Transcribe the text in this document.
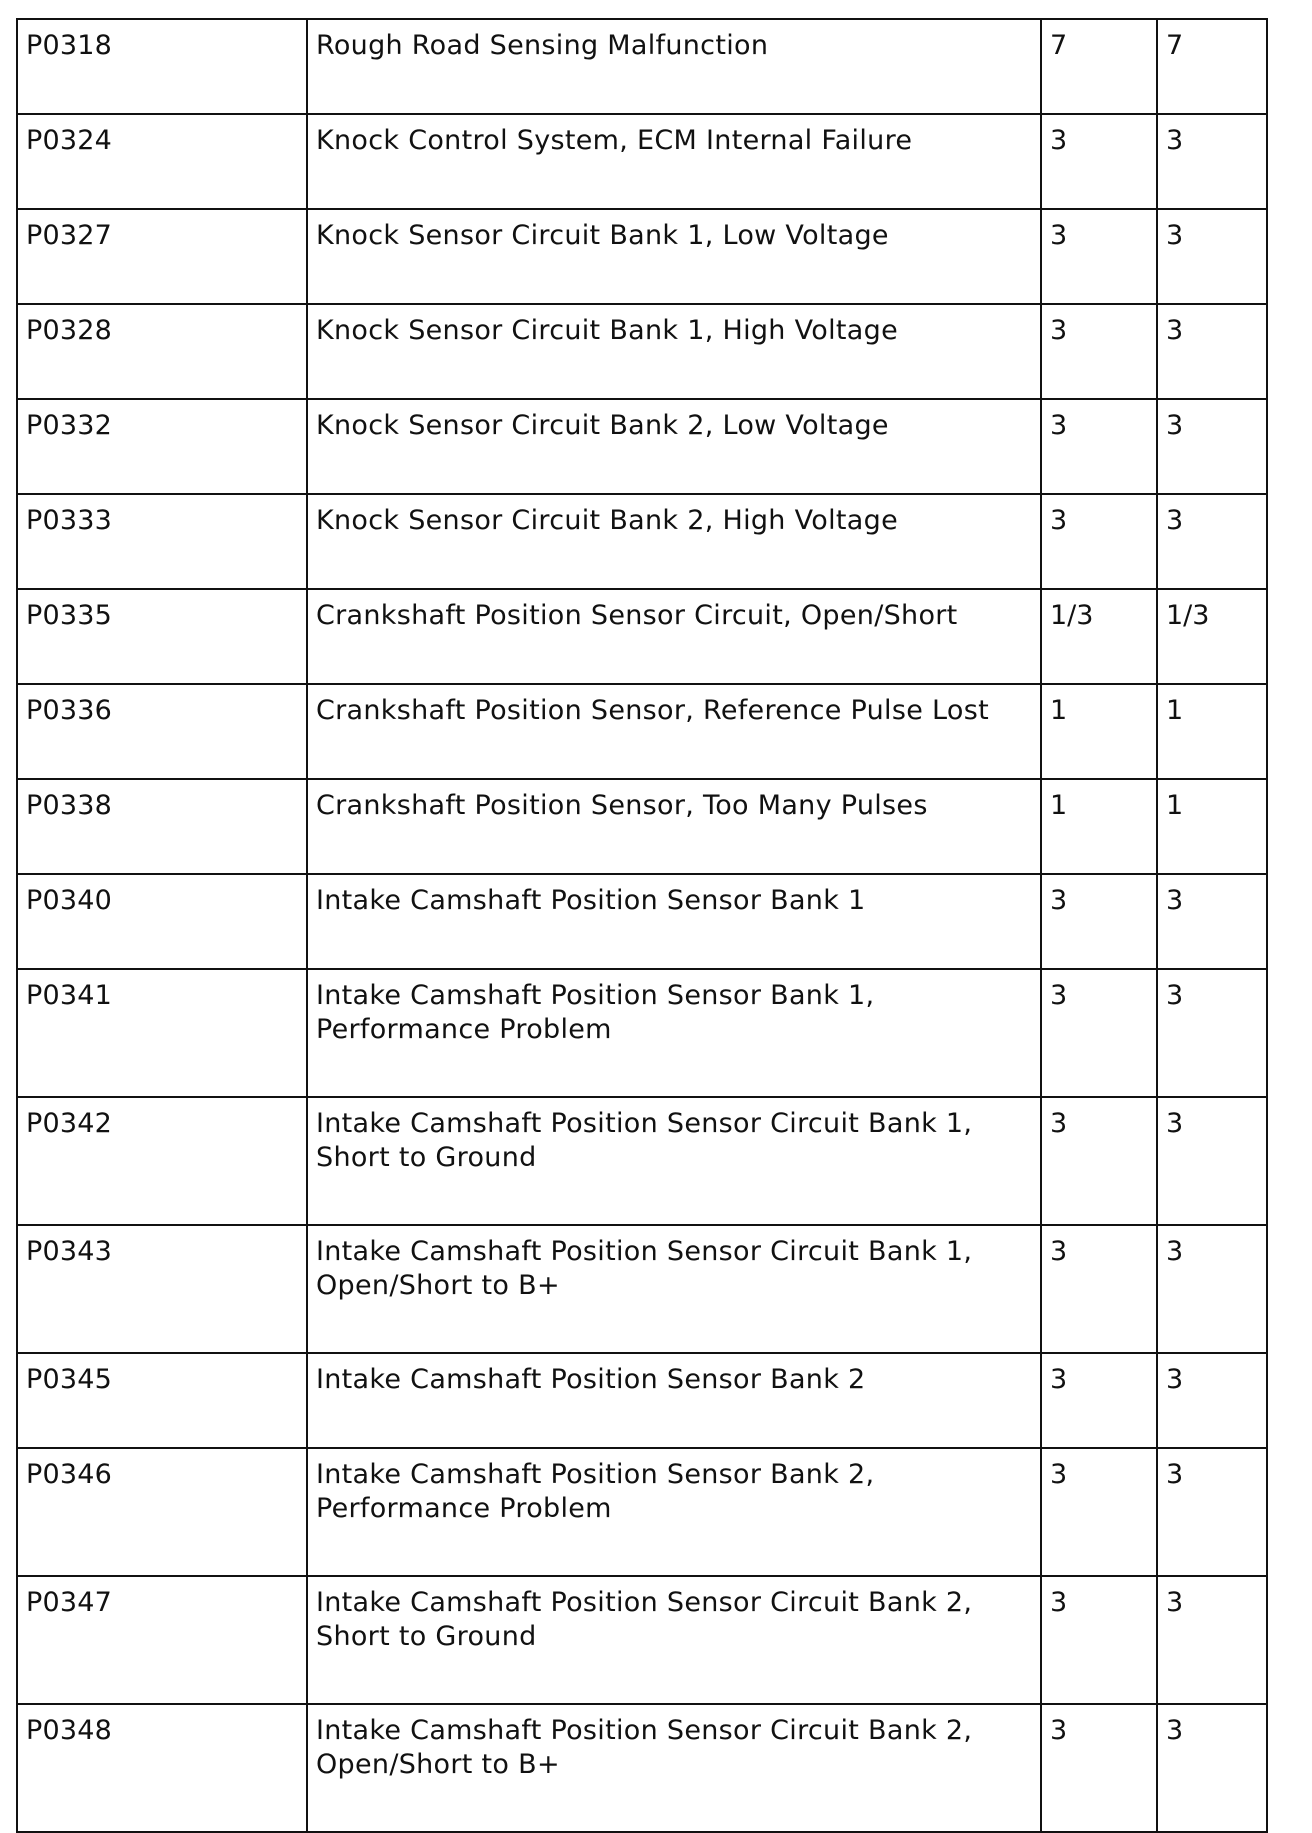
P0318	Rough Road Sensing Malfunction	7	7
P0324	Knock Control System, ECM Internal Failure	3	3
P0327	Knock Sensor Circuit Bank 1, Low Voltage	3	3
P0328	Knock Sensor Circuit Bank 1, High Voltage	3	3
P0332	Knock Sensor Circuit Bank 2, Low Voltage	3	3
P0333	Knock Sensor Circuit Bank 2, High Voltage	3	3
P0335	Crankshaft Position Sensor Circuit, Open/Short	1/3	1/3
P0336	Crankshaft Position Sensor, Reference Pulse Lost	1	1
P0338	Crankshaft Position Sensor, Too Many Pulses	1	1
P0340	Intake Camshaft Position Sensor Bank 1	3	3
P0341	Intake Camshaft Position Sensor Bank 1, Performance Problem	3	3
P0342	Intake Camshaft Position Sensor Circuit Bank 1, Short to Ground	3	3
P0343	Intake Camshaft Position Sensor Circuit Bank 1, Open/Short to B+	3	3
P0345	Intake Camshaft Position Sensor Bank 2	3	3
P0346	Intake Camshaft Position Sensor Bank 2, Performance Problem	3	3
P0347	Intake Camshaft Position Sensor Circuit Bank 2, Short to Ground	3	3
P0348	Intake Camshaft Position Sensor Circuit Bank 2, Open/Short to B+	3	3
